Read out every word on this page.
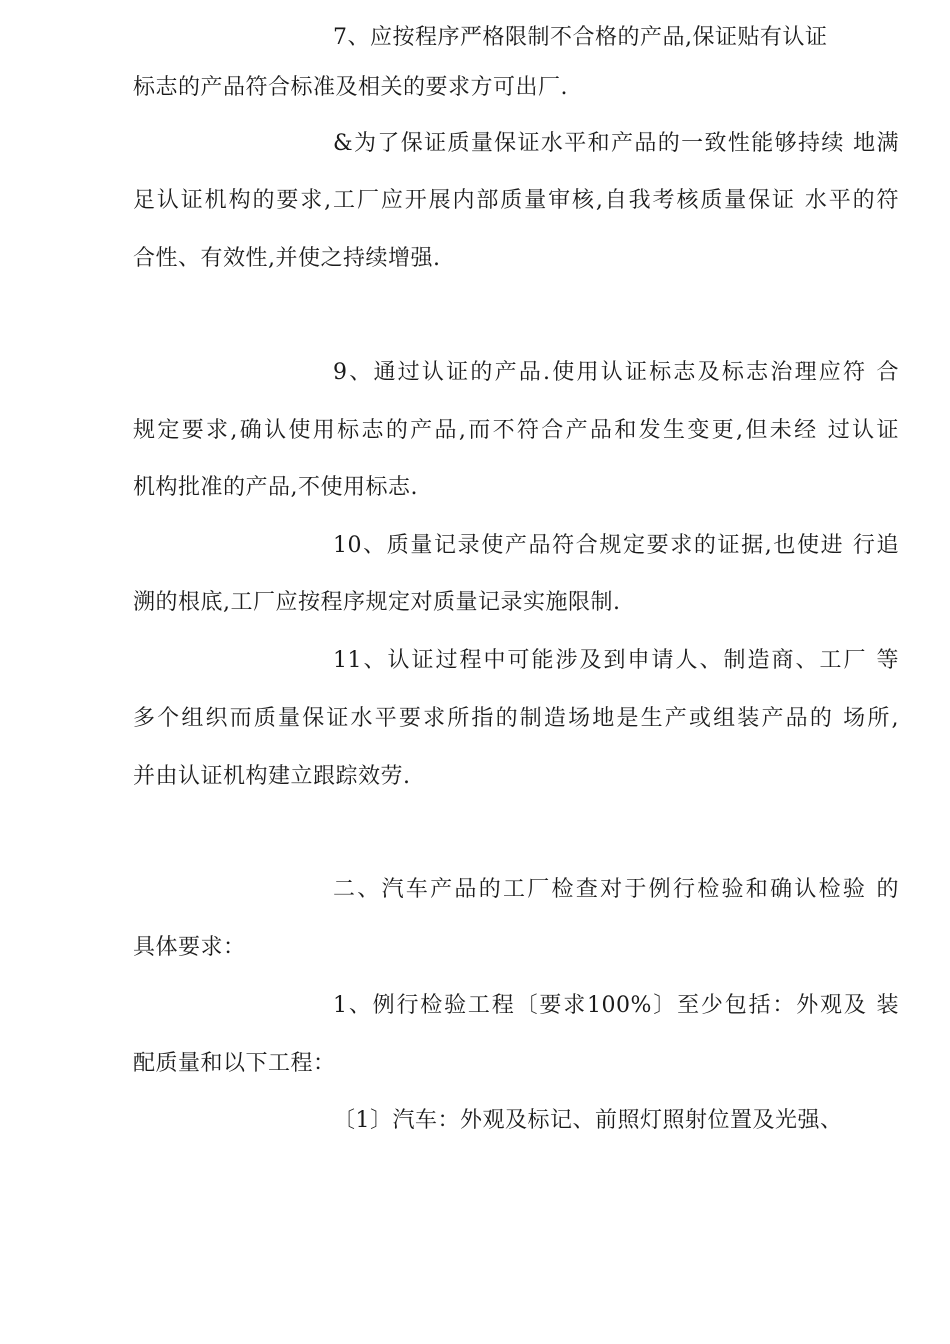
7、应按程序严格限制不合格的产品,保证贴有认证
标志的产品符合标准及相关的要求方可出厂.
&为了保证质量保证水平和产品的一致性能够持续 地满
足认证机构的要求,工厂应开展内部质量审核,自我考核质量保证 水平的符
合性、有效性,并使之持续增强.
9、通过认证的产品.使用认证标志及标志治理应符 合
规定要求,确认使用标志的产品,而不符合产品和发生变更,但未经 过认证
机构批准的产品,不使用标志.
10、质量记录使产品符合规定要求的证据,也使进 行追
溯的根底,工厂应按程序规定对质量记录实施限制.
11、认证过程中可能涉及到申请人、制造商、工厂 等
多个组织而质量保证水平要求所指的制造场地是生产或组装产品的 场所,
并由认证机构建立跟踪效劳.
二、汽车产品的工厂检查对于例行检验和确认检验 的
具体要求：
1、例行检验工程〔要求100%〕至少包括：外观及 装
配质量和以下工程：
〔1〕汽车：外观及标记、前照灯照射位置及光强、
